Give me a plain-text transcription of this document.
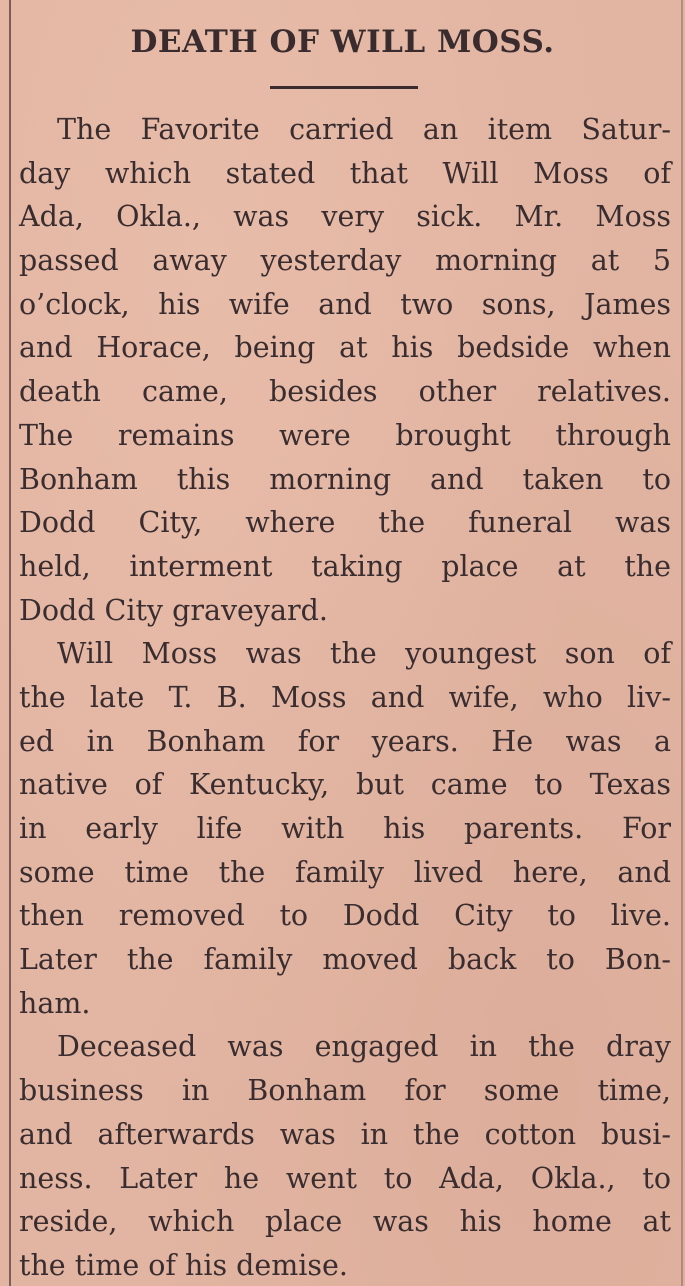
DEATH OF WILL MOSS.
The Favorite carried an item Satur-
day which stated that Will Moss of
Ada, Okla., was very sick. Mr. Moss
passed away yesterday morning at 5
o’clock, his wife and two sons, James
and Horace, being at his bedside when
death came, besides other relatives.
The remains were brought through
Bonham this morning and taken to
Dodd City, where the funeral was
held, interment taking place at the
Dodd City graveyard.
Will Moss was the youngest son of
the late T. B. Moss and wife, who liv-
ed in Bonham for years. He was a
native of Kentucky, but came to Texas
in early life with his parents. For
some time the family lived here, and
then removed to Dodd City to live.
Later the family moved back to Bon-
ham.
Deceased was engaged in the dray
business in Bonham for some time,
and afterwards was in the cotton busi-
ness. Later he went to Ada, Okla., to
reside, which place was his home at
the time of his demise.
